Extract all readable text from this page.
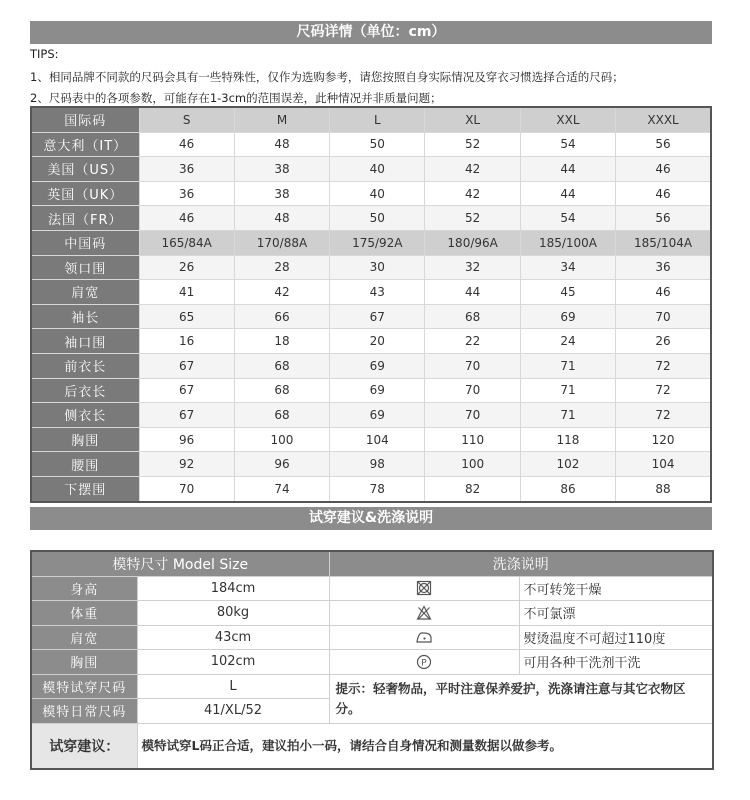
尺码详情（单位：cm）
TIPS:
1、相同品牌不同款的尺码会具有一些特殊性，仅作为选购参考，请您按照自身实际情况及穿衣习惯选择合适的尺码；
2、尺码表中的各项参数，可能存在1-3cm的范围误差，此种情况并非质量问题；
国际码	S	M	L	XL	XXL	XXXL
意大利（IT）	46	48	50	52	54	56
美国（US）	36	38	40	42	44	46
英国（UK）	36	38	40	42	44	46
法国（FR）	46	48	50	52	54	56
中国码	165/84A	170/88A	175/92A	180/96A	185/100A	185/104A
领口围	26	28	30	32	34	36
肩宽	41	42	43	44	45	46
袖长	65	66	67	68	69	70
袖口围	16	18	20	22	24	26
前衣长	67	68	69	70	71	72
后衣长	67	68	69	70	71	72
侧衣长	67	68	69	70	71	72
胸围	96	100	104	110	118	120
腰围	92	96	98	100	102	104
下摆围	70	74	78	82	86	88
试穿建议&洗涤说明
模特尺寸 Model Size		洗涤说明	
身高	184cm		不可转笼干燥
体重	80kg		不可氯漂
肩宽	43cm		熨烫温度不可超过110度
胸围	102cm	P	可用各种干洗剂干洗
模特试穿尺码	L	提示：轻奢物品，平时注意保养爱护，洗涤请注意与其它衣物区分。	
模特日常尺码	41/XL/52		
试穿建议：	模特试穿L码正合适，建议拍小一码，请结合自身情况和测量数据以做参考。		
